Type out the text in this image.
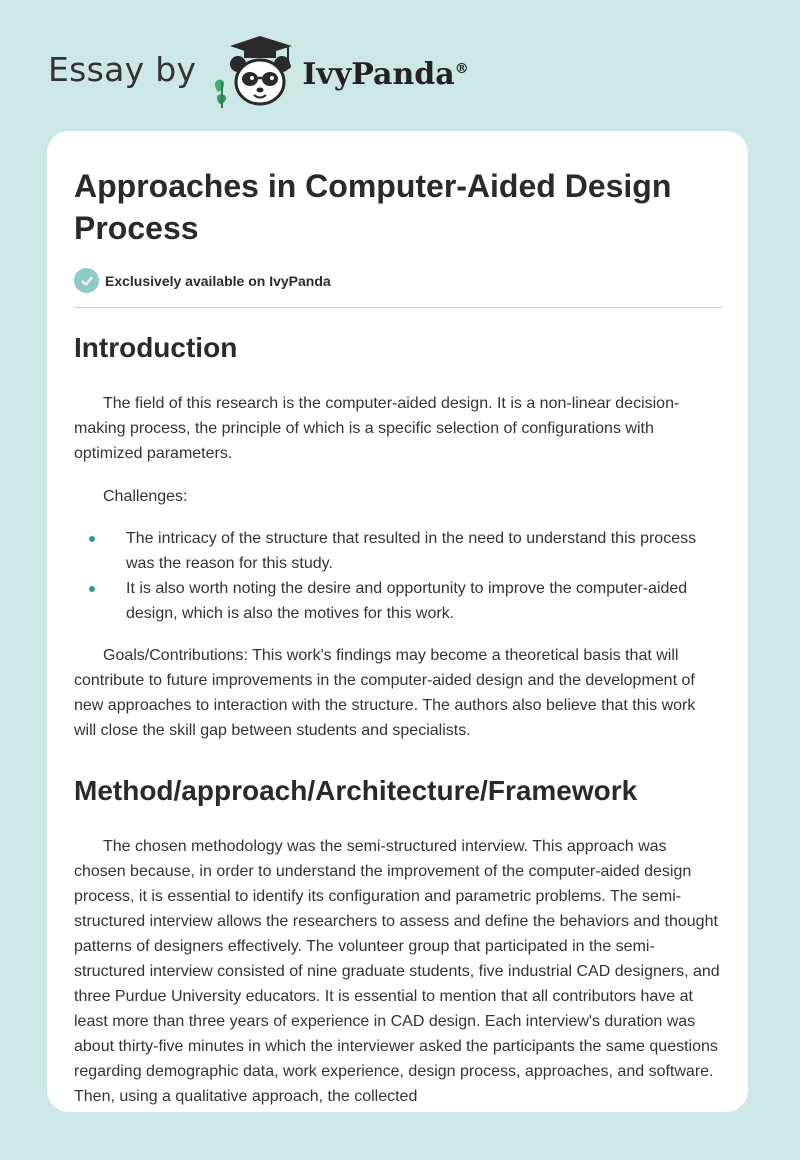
Essay by	IvyPanda®
Approaches in Computer-Aided Design Process
Exclusively available on IvyPanda
Introduction

The field of this research is the computer-aided design. It is a non-linear decision-making process, the principle of which is a specific selection of configurations with optimized parameters.

Challenges:

The intricacy of the structure that resulted in the need to understand this process was the reason for this study.
It is also worth noting the desire and opportunity to improve the computer-aided design, which is also the motives for this work.

Goals/Contributions: This work's findings may become a theoretical basis that will contribute to future improvements in the computer-aided design and the development of new approaches to interaction with the structure. The authors also believe that this work will close the skill gap between students and specialists.

Method/approach/Architecture/Framework

The chosen methodology was the semi-structured interview. This approach was chosen because, in order to understand the improvement of the computer-aided design process, it is essential to identify its configuration and parametric problems. The semi-structured interview allows the researchers to assess and define the behaviors and thought patterns of designers effectively. The volunteer group that participated in the semi-structured interview consisted of nine graduate students, five industrial CAD designers, and three Purdue University educators. It is essential to mention that all contributors have at least more than three years of experience in CAD design. Each interview's duration was about thirty-five minutes in which the interviewer asked the participants the same questions regarding demographic data, work experience, design process, approaches, and software. Then, using a qualitative approach, the collected
